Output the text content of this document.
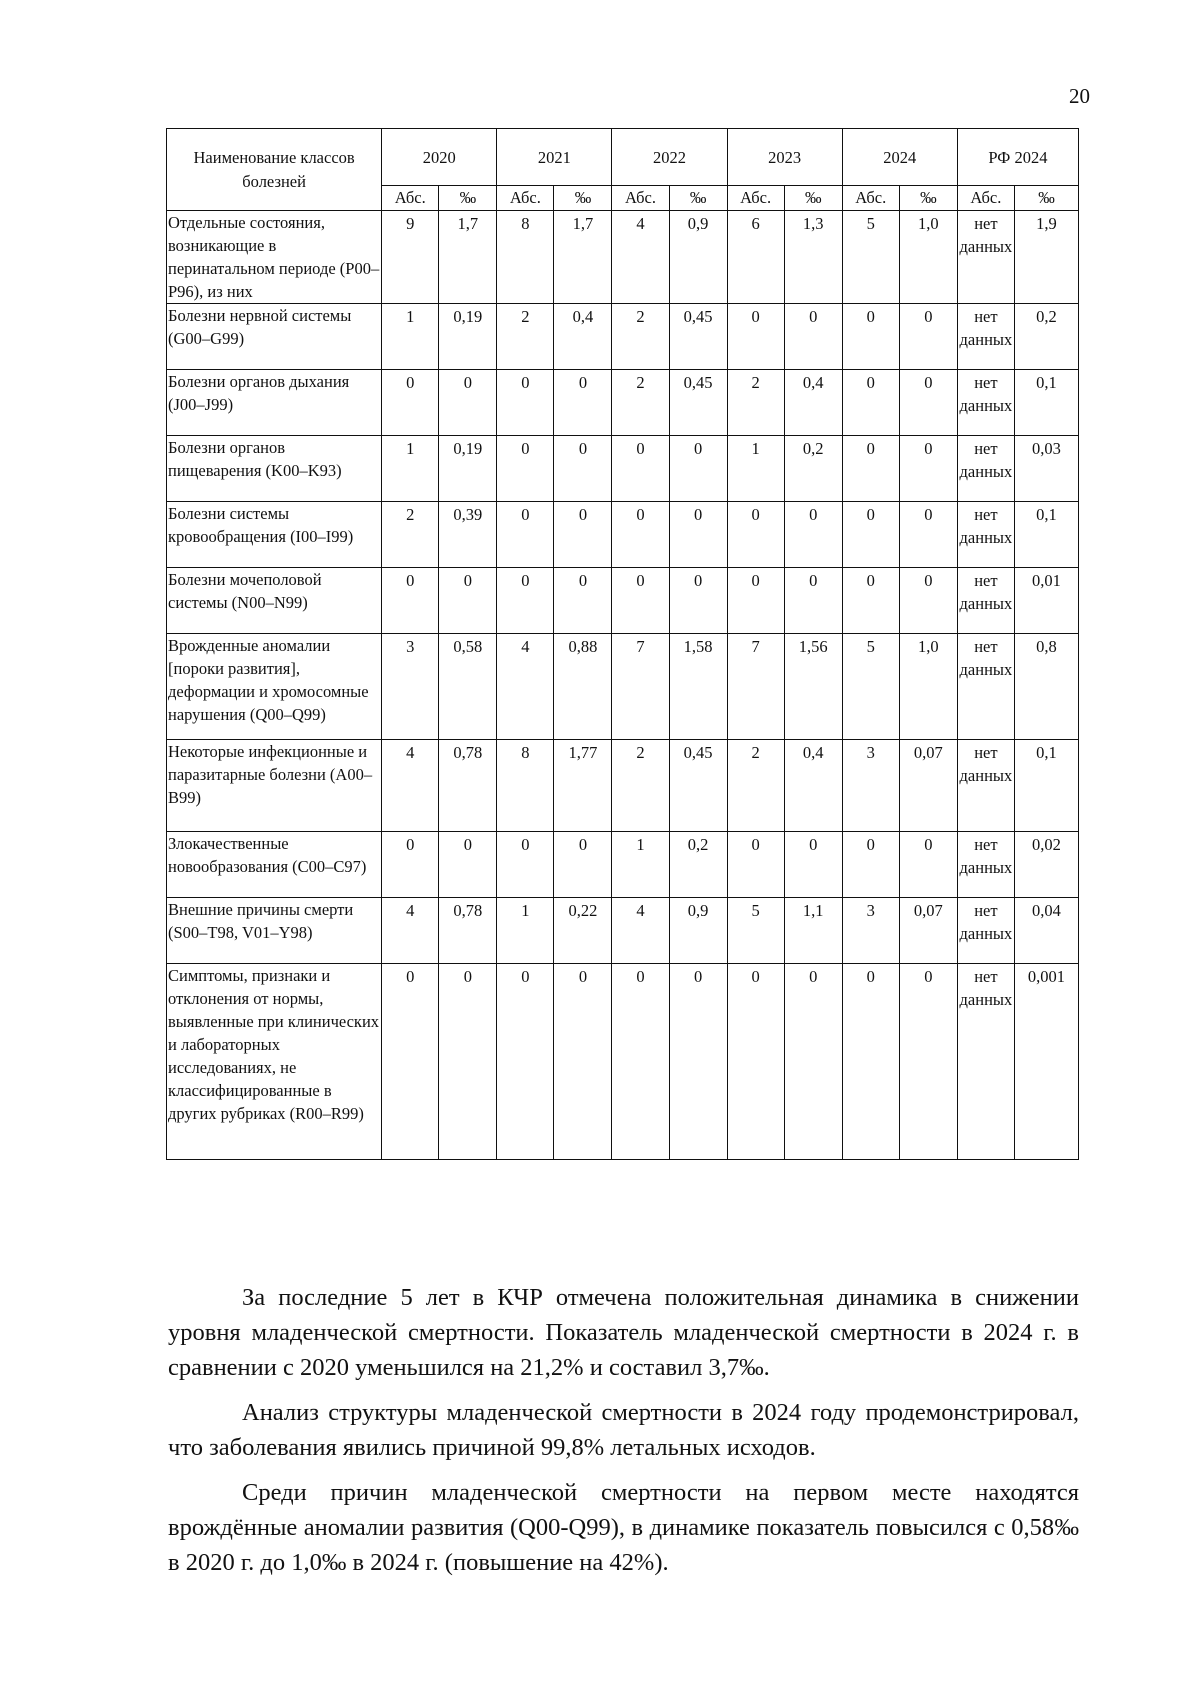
20
Наименование классов болезней	2020		2021		2022		2023		2024		РФ 2024	
	Абс.	‰	Абс.	‰	Абс.	‰	Абс.	‰	Абс.	‰	Абс.	‰
Отдельные состояния, возникающие в перинатальном периоде (P00–P96), из них	9	1,7	8	1,7	4	0,9	6	1,3	5	1,0	нет данных	1,9
Болезни нервной системы (G00–G99)	1	0,19	2	0,4	2	0,45	0	0	0	0	нет данных	0,2
Болезни органов дыхания (J00–J99)	0	0	0	0	2	0,45	2	0,4	0	0	нет данных	0,1
Болезни органов пищеварения (K00–K93)	1	0,19	0	0	0	0	1	0,2	0	0	нет данных	0,03
Болезни системы кровообращения (I00–I99)	2	0,39	0	0	0	0	0	0	0	0	нет данных	0,1
Болезни мочеполовой системы (N00–N99)	0	0	0	0	0	0	0	0	0	0	нет данных	0,01
Врожденные аномалии [пороки развития], деформации и хромосомные нарушения (Q00–Q99)	3	0,58	4	0,88	7	1,58	7	1,56	5	1,0	нет данных	0,8
Некоторые инфекционные и паразитарные болезни (A00–B99)	4	0,78	8	1,77	2	0,45	2	0,4	3	0,07	нет данных	0,1
Злокачественные новообразования (C00–C97)	0	0	0	0	1	0,2	0	0	0	0	нет данных	0,02
Внешние причины смерти (S00–T98, V01–Y98)	4	0,78	1	0,22	4	0,9	5	1,1	3	0,07	нет данных	0,04
Симптомы, признаки и отклонения от нормы, выявленные при клинических и лабораторных исследованиях, не классифицированные в других рубриках (R00–R99)	0	0	0	0	0	0	0	0	0	0	нет данных	0,001

За последние 5 лет в КЧР отмечена положительная динамика в снижении уровня младенческой смертности. Показатель младенческой смертности в 2024 г. в сравнении с 2020 уменьшился на 21,2% и составил 3,7‰.

Анализ структуры младенческой смертности в 2024 году продемонстрировал, что заболевания явились причиной 99,8% летальных исходов.

Среди причин младенческой смертности на первом месте находятся врождённые аномалии развития (Q00-Q99), в динамике показатель повысился с 0,58‰ в 2020 г. до 1,0‰ в 2024 г. (повышение на 42%).
